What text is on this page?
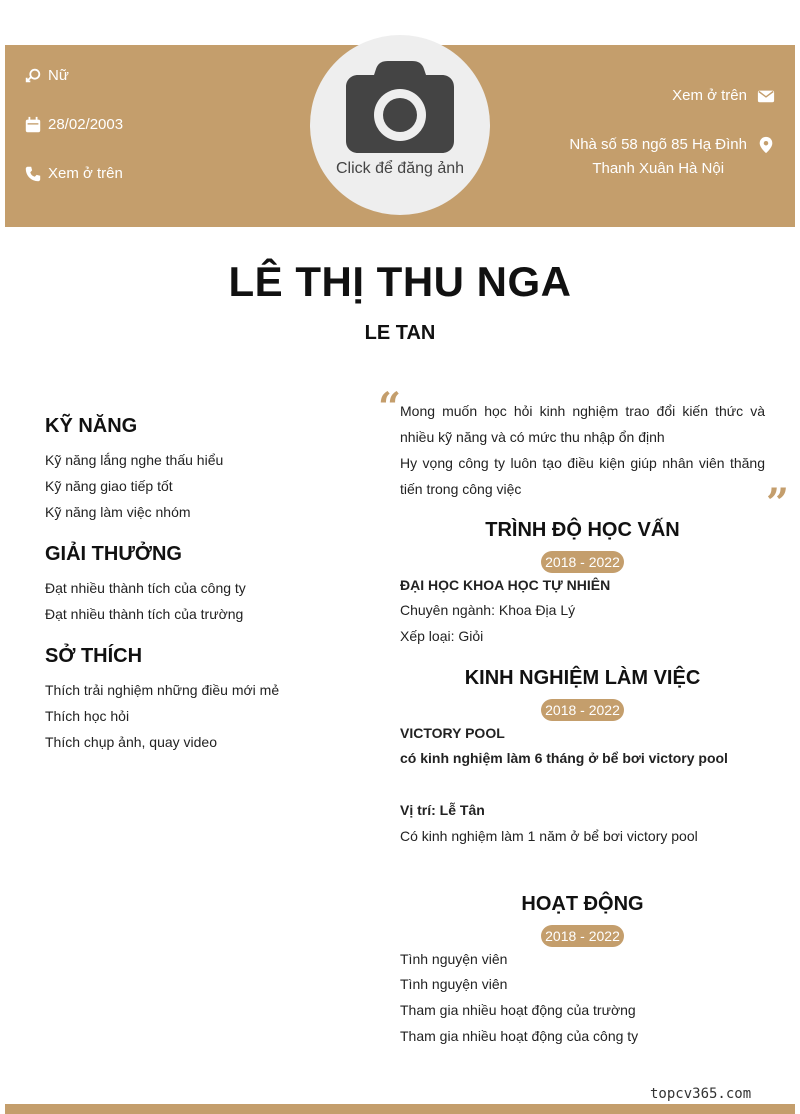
Nữ
28/02/2003
Xem ở trên
Xem ở trên
Nhà số 58 ngõ 85 Hạ Đình
Thanh Xuân Hà Nội
Click để đăng ảnh
LÊ THỊ THU NGA
LE TAN
KỸ NĂNG
Kỹ năng lắng nghe thấu hiểu
Kỹ năng giao tiếp tốt
Kỹ năng làm việc nhóm
GIẢI THƯỞNG
Đạt nhiều thành tích của công ty
Đạt nhiều thành tích của trường
SỞ THÍCH
Thích trải nghiệm những điều mới mẻ
Thích học hỏi
Thích chụp ảnh, quay video
“
Mong muốn học hỏi kinh nghiệm trao đổi kiến thức và nhiều kỹ năng và có mức thu nhập ổn định
Hy vọng công ty luôn tạo điều kiện giúp nhân viên thăng tiến trong công việc	”
TRÌNH ĐỘ HỌC VẤN
2018 - 2022
ĐẠI HỌC KHOA HỌC TỰ NHIÊN
Chuyên ngành: Khoa Địa Lý
Xếp loại: Giỏi
KINH NGHIỆM LÀM VIỆC
2018 - 2022
VICTORY POOL
có kinh nghiệm làm 6 tháng ở bể bơi victory pool
Vị trí: Lễ Tân
Có kinh nghiệm làm 1 năm ở bể bơi victory pool
HOẠT ĐỘNG
2018 - 2022
Tình nguyện viên
Tình nguyện viên
Tham gia nhiều hoạt động của trường
Tham gia nhiều hoạt động của công ty
topcv365.com
